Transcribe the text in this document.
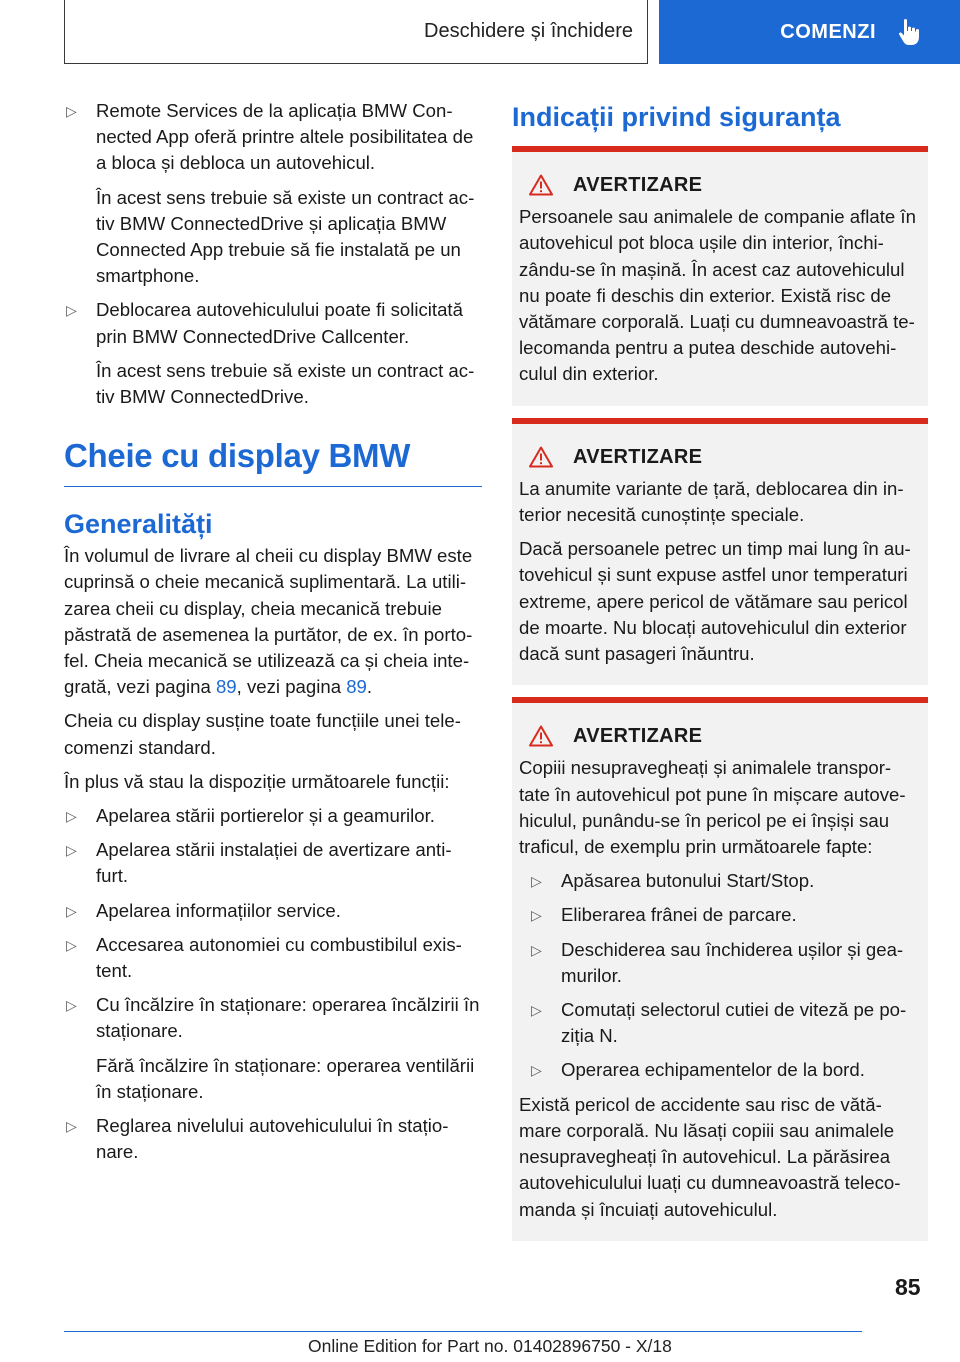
Deschidere și închidere	COMENZI
▷	Remote Services de la aplicația BMW Con-nected App oferă printre altele posibilitatea de a bloca și debloca un autovehicul.
În acest sens trebuie să existe un contract ac-tiv BMW ConnectedDrive și aplicația BMW Connected App trebuie să fie instalată pe un smartphone.
▷	Deblocarea autovehiculului poate fi solicitată prin BMW ConnectedDrive Callcenter.
În acest sens trebuie să existe un contract ac-tiv BMW ConnectedDrive.
Cheie cu display BMW
Generalități

În volumul de livrare al cheii cu display BMW este cuprinsă o cheie mecanică suplimentară. La utili-zarea cheii cu display, cheia mecanică trebuie păstrată de asemenea la purtător, de ex. în porto-fel. Cheia mecanică se utilizează ca și cheia inte-grată, vezi pagina 89, vezi pagina 89.

Cheia cu display susține toate funcțiile unei tele-comenzi standard.

În plus vă stau la dispoziție următoarele funcții:

▷	Apelarea stării portierelor și a geamurilor.
▷	Apelarea stării instalației de avertizare anti-furt.
▷	Apelarea informațiilor service.
▷	Accesarea autonomiei cu combustibilul exis-tent.
▷	Cu încălzire în staționare: operarea încălzirii în staționare.
Fără încălzire în staționare: operarea ventilării în staționare.
▷	Reglarea nivelului autovehiculului în stațio-nare.
Indicații privind siguranța
AVERTIZARE

Persoanele sau animalele de companie aflate în autovehicul pot bloca ușile din interior, închi-zându-se în mașină. În acest caz autovehiculul nu poate fi deschis din exterior. Există risc de vătămare corporală. Luați cu dumneavoastră te-lecomanda pentru a putea deschide autovehi-culul din exterior.

AVERTIZARE

La anumite variante de țară, deblocarea din in-terior necesită cunoștințe speciale.

Dacă persoanele petrec un timp mai lung în au-tovehicul și sunt expuse astfel unor temperaturi extreme, apere pericol de vătămare sau pericol de moarte. Nu blocați autovehiculul din exterior dacă sunt pasageri înăuntru.

AVERTIZARE

Copiii nesupravegheați și animalele transpor-tate în autovehicul pot pune în mișcare autove-hiculul, punându-se în pericol pe ei înșiși sau traficul, de exemplu prin următoarele fapte:

▷	Apăsarea butonului Start/Stop.
▷	Eliberarea frânei de parcare.
▷	Deschiderea sau închiderea ușilor și gea-murilor.
▷	Comutați selectorul cutiei de viteză pe po-ziția N.
▷	Operarea echipamentelor de la bord.

Există pericol de accidente sau risc de vătă-mare corporală. Nu lăsați copiii sau animalele nesupravegheați în autovehicul. La părăsirea autovehiculului luați cu dumneavoastră teleco-manda și încuiați autovehiculul.

85
Online Edition for Part no. 01402896750 - X/18
